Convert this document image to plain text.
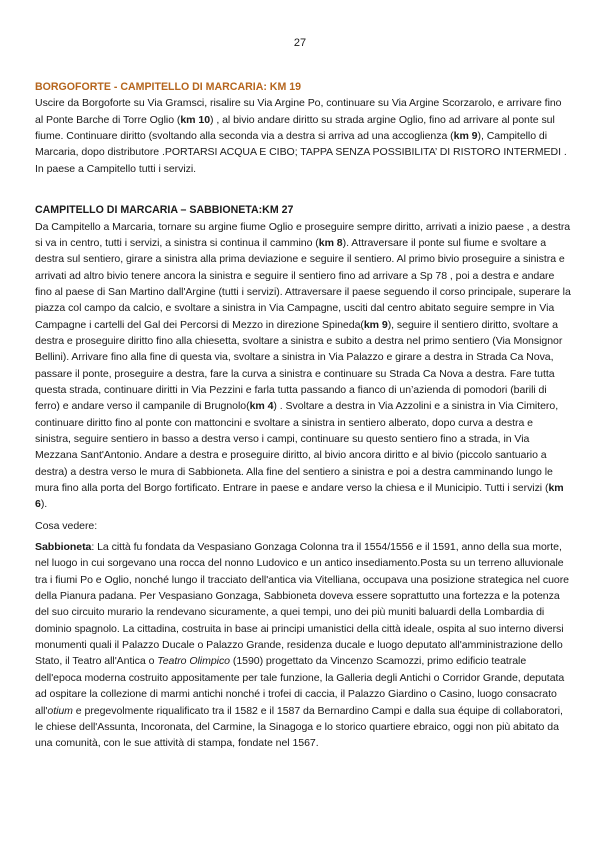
27
BORGOFORTE - CAMPITELLO DI MARCARIA: KM 19

Uscire da Borgoforte su Via Gramsci, risalire su Via Argine Po, continuare su Via Argine Scorzarolo, e arrivare fino al Ponte Barche di Torre Oglio (km 10) , al bivio andare diritto su strada argine Oglio, fino ad arrivare al ponte sul fiume. Continuare diritto (svoltando alla seconda via a destra si arriva ad una accoglienza (km 9), Campitello di Marcaria, dopo distributore .PORTARSI ACQUA E CIBO; TAPPA SENZA POSSIBILITA’ DI RISTORO INTERMEDI . In paese a Campitello tutti i servizi.

CAMPITELLO DI MARCARIA – SABBIONETA:KM 27

Da Campitello a Marcaria, tornare su argine fiume Oglio e proseguire sempre diritto, arrivati a inizio paese , a destra si va in centro, tutti i servizi, a sinistra si continua il cammino (km 8). Attraversare il ponte sul fiume e svoltare a destra sul sentiero, girare a sinistra alla prima deviazione e seguire il sentiero. Al primo bivio proseguire a sinistra e arrivati ad altro bivio tenere ancora la sinistra e seguire il sentiero fino ad arrivare a Sp 78 , poi a destra e andare fino al paese di San Martino dall'Argine (tutti i servizi). Attraversare il paese seguendo il corso principale, superare la piazza col campo da calcio, e svoltare a sinistra in Via Campagne, usciti dal centro abitato seguire sempre in Via Campagne i cartelli del Gal dei Percorsi di Mezzo in direzione Spineda(km 9), seguire il sentiero diritto, svoltare a destra e proseguire diritto fino alla chiesetta, svoltare a sinistra e subito a destra nel primo sentiero (Via Monsignor Bellini). Arrivare fino alla fine di questa via, svoltare a sinistra in Via Palazzo e girare a destra in Strada Ca Nova, passare il ponte, proseguire a destra, fare la curva a sinistra e continuare su Strada Ca Nova a destra. Fare tutta questa strada, continuare diritti in Via Pezzini e farla tutta passando a fianco di un’azienda di pomodori (barili di ferro) e andare verso il campanile di Brugnolo(km 4) . Svoltare a destra in Via Azzolini e a sinistra in Via Cimitero, continuare diritto fino al ponte con mattoncini e svoltare a sinistra in sentiero alberato, dopo curva a destra e sinistra, seguire sentiero in basso a destra verso i campi, continuare su questo sentiero fino a strada, in Via Mezzana Sant'Antonio. Andare a destra e proseguire diritto, al bivio ancora diritto e al bivio (piccolo santuario a destra) a destra verso le mura di Sabbioneta. Alla fine del sentiero a sinistra e poi a destra camminando lungo le mura fino alla porta del Borgo fortificato. Entrare in paese e andare verso la chiesa e il Municipio. Tutti i servizi (km 6).

Cosa vedere:

Sabbioneta: La città fu fondata da Vespasiano Gonzaga Colonna tra il 1554/1556 e il 1591, anno della sua morte, nel luogo in cui sorgevano una rocca del nonno Ludovico e un antico insediamento.Posta su un terreno alluvionale tra i fiumi Po e Oglio, nonché lungo il tracciato dell'antica via Vitelliana, occupava una posizione strategica nel cuore della Pianura padana. Per Vespasiano Gonzaga, Sabbioneta doveva essere soprattutto una fortezza e la potenza del suo circuito murario la rendevano sicuramente, a quei tempi, uno dei più muniti baluardi della Lombardia di dominio spagnolo. La cittadina, costruita in base ai principi umanistici della città ideale, ospita al suo interno diversi monumenti quali il Palazzo Ducale o Palazzo Grande, residenza ducale e luogo deputato all'amministrazione dello Stato, il Teatro all'Antica o Teatro Olimpico (1590) progettato da Vincenzo Scamozzi, primo edificio teatrale dell'epoca moderna costruito appositamente per tale funzione, la Galleria degli Antichi o Corridor Grande, deputata ad ospitare la collezione di marmi antichi nonché i trofei di caccia, il Palazzo Giardino o Casino, luogo consacrato all'otium e pregevolmente riqualificato tra il 1582 e il 1587 da Bernardino Campi e dalla sua équipe di collaboratori, le chiese dell'Assunta, Incoronata, del Carmine, la Sinagoga e lo storico quartiere ebraico, oggi non più abitato da una comunità, con le sue attività di stampa, fondate nel 1567.
